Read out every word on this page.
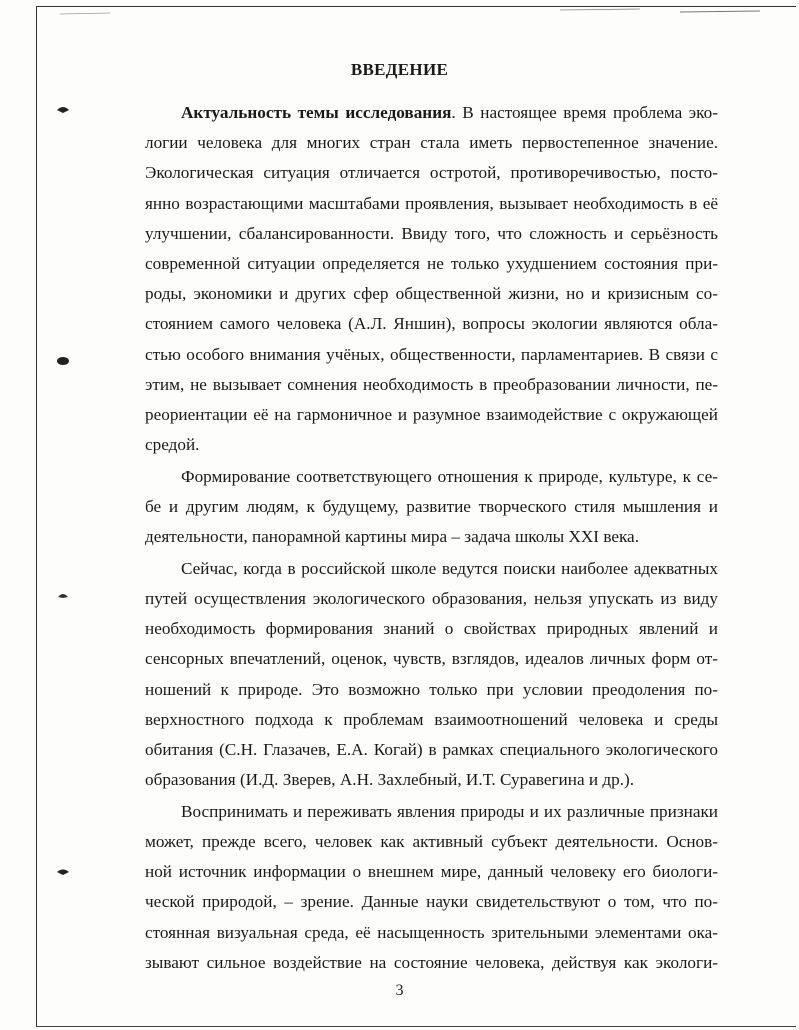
ВВЕДЕНИЕ
Актуальность темы исследования. В настоящее время проблема эко-
логии человека для многих стран стала иметь первостепенное значение.
Экологическая ситуация отличается остротой, противоречивостью, посто-
янно возрастающими масштабами проявления, вызывает необходимость в её
улучшении, сбалансированности. Ввиду того, что сложность и серьёзность
современной ситуации определяется не только ухудшением состояния при-
роды, экономики и других сфер общественной жизни, но и кризисным со-
стоянием самого человека (А.Л. Яншин), вопросы экологии являются обла-
стью особого внимания учёных, общественности, парламентариев. В связи с
этим, не вызывает сомнения необходимость в преобразовании личности, пе-
реориентации её на гармоничное и разумное взаимодействие с окружающей
средой.
Формирование соответствующего отношения к природе, культуре, к се-
бе и другим людям, к будущему, развитие творческого стиля мышления и
деятельности, панорамной картины мира – задача школы XXI века.
Сейчас, когда в российской школе ведутся поиски наиболее адекватных
путей осуществления экологического образования, нельзя упускать из виду
необходимость формирования знаний о свойствах природных явлений и
сенсорных впечатлений, оценок, чувств, взглядов, идеалов личных форм от-
ношений к природе. Это возможно только при условии преодоления по-
верхностного подхода к проблемам взаимоотношений человека и среды
обитания (С.Н. Глазачев, Е.А. Когай) в рамках специального экологического
образования (И.Д. Зверев, А.Н. Захлебный, И.Т. Суравегина и др.).
Воспринимать и переживать явления природы и их различные признаки
может, прежде всего, человек как активный субъект деятельности. Основ-
ной источник информации о внешнем мире, данный человеку его биологи-
ческой природой, – зрение. Данные науки свидетельствуют о том, что по-
стоянная визуальная среда, её насыщенность зрительными элементами ока-
зывают сильное воздействие на состояние человека, действуя как экологи-
3
